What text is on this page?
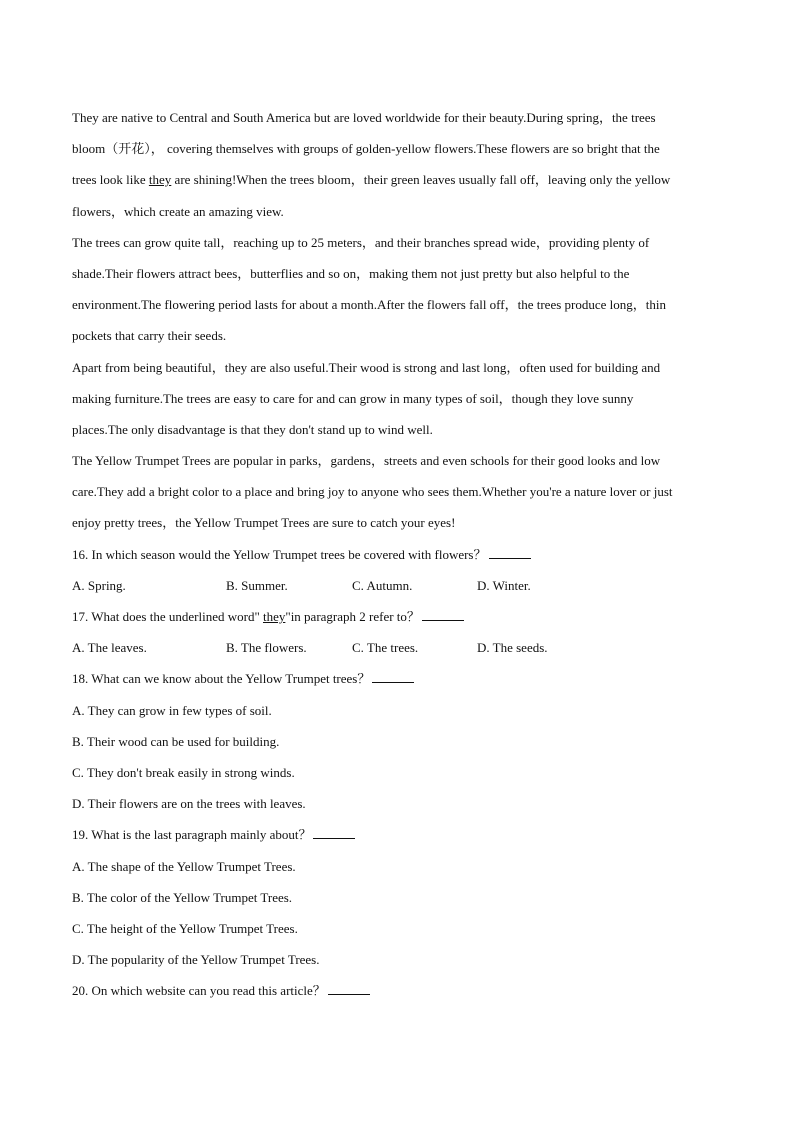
They are native to Central and South America but are loved worldwide for their beauty.During spring，the trees
bloom（开花）， covering themselves with groups of golden-yellow flowers.These flowers are so bright that the
trees look like they are shining!When the trees bloom，their green leaves usually fall off，leaving only the yellow
flowers，which create an amazing view.
The trees can grow quite tall，reaching up to 25 meters，and their branches spread wide，providing plenty of
shade.Their flowers attract bees，butterflies and so on，making them not just pretty but also helpful to the
environment.The flowering period lasts for about a month.After the flowers fall off，the trees produce long，thin
pockets that carry their seeds.
Apart from being beautiful，they are also useful.Their wood is strong and last long，often used for building and
making furniture.The trees are easy to care for and can grow in many types of soil，though they love sunny
places.The only disadvantage is that they don't stand up to wind well.
The Yellow Trumpet Trees are popular in parks，gardens，streets and even schools for their good looks and low
care.They add a bright color to a place and bring joy to anyone who sees them.Whether you're a nature lover or just
enjoy pretty trees，the Yellow Trumpet Trees are sure to catch your eyes!
16. In which season would the Yellow Trumpet trees be covered with flowers？
A. Spring.	B. Summer.	C. Autumn.	D. Winter.
17. What does the underlined word" they"in paragraph 2 refer to？
A. The leaves.	B. The flowers.	C. The trees.	D. The seeds.
18. What can we know about the Yellow Trumpet trees？
A. They can grow in few types of soil.
B. Their wood can be used for building.
C. They don't break easily in strong winds.
D. Their flowers are on the trees with leaves.
19. What is the last paragraph mainly about？
A. The shape of the Yellow Trumpet Trees.
B. The color of the Yellow Trumpet Trees.
C. The height of the Yellow Trumpet Trees.
D. The popularity of the Yellow Trumpet Trees.
20. On which website can you read this article？
